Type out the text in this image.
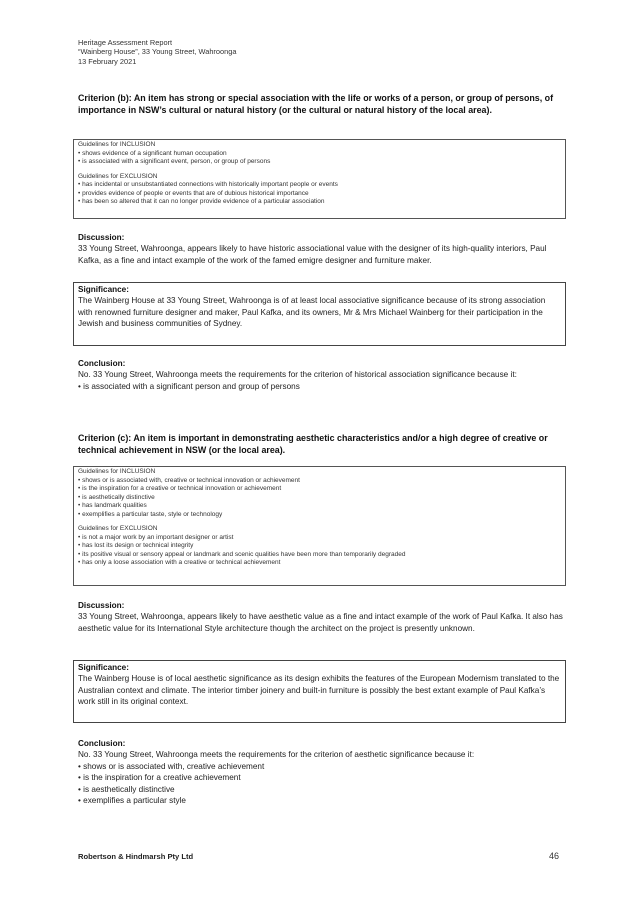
Heritage Assessment Report
“Wainberg House”, 33 Young Street, Wahroonga
13 February 2021
Criterion (b): An item has strong or special association with the life or works of a person, or group of persons, of importance in NSW’s cultural or natural history (or the cultural or natural history of the local area).
Guidelines for INCLUSION
• shows evidence of a significant human occupation
• is associated with a significant event, person, or group of persons
Guidelines for EXCLUSION
• has incidental or unsubstantiated connections with historically important people or events
• provides evidence of people or events that are of dubious historical importance
• has been so altered that it can no longer provide evidence of a particular association
Discussion:
33 Young Street, Wahroonga, appears likely to have historic associational value with the designer of its high-quality interiors, Paul Kafka, as a fine and intact example of the work of the famed emigre designer and furniture maker.
Significance:
The Wainberg House at 33 Young Street, Wahroonga is of at least local associative significance because of its strong association with renowned furniture designer and maker, Paul Kafka, and its owners, Mr & Mrs Michael Wainberg for their participation in the Jewish and business communities of Sydney.
Conclusion:
No. 33 Young Street, Wahroonga meets the requirements for the criterion of historical association significance because it:
• is associated with a significant person and group of persons
Criterion (c): An item is important in demonstrating aesthetic characteristics and/or a high degree of creative or technical achievement in NSW (or the local area).
Guidelines for INCLUSION
• shows or is associated with, creative or technical innovation or achievement
• is the inspiration for a creative or technical innovation or achievement
• is aesthetically distinctive
• has landmark qualities
• exemplifies a particular taste, style or technology
Guidelines for EXCLUSION
• is not a major work by an important designer or artist
• has lost its design or technical integrity
• its positive visual or sensory appeal or landmark and scenic qualities have been more than temporarily degraded
• has only a loose association with a creative or technical achievement
Discussion:
33 Young Street, Wahroonga, appears likely to have aesthetic value as a fine and intact example of the work of Paul Kafka. It also has aesthetic value for its International Style architecture though the architect on the project is presently unknown.
Significance:
The Wainberg House is of local aesthetic significance as its design exhibits the features of the European Modernism translated to the Australian context and climate. The interior timber joinery and built-in furniture is possibly the best extant example of Paul Kafka’s work still in its original context.
Conclusion:
No. 33 Young Street, Wahroonga meets the requirements for the criterion of aesthetic significance because it:
• shows or is associated with, creative achievement
• is the inspiration for a creative achievement
• is aesthetically distinctive
• exemplifies a particular style
Robertson & Hindmarsh Pty Ltd	46
